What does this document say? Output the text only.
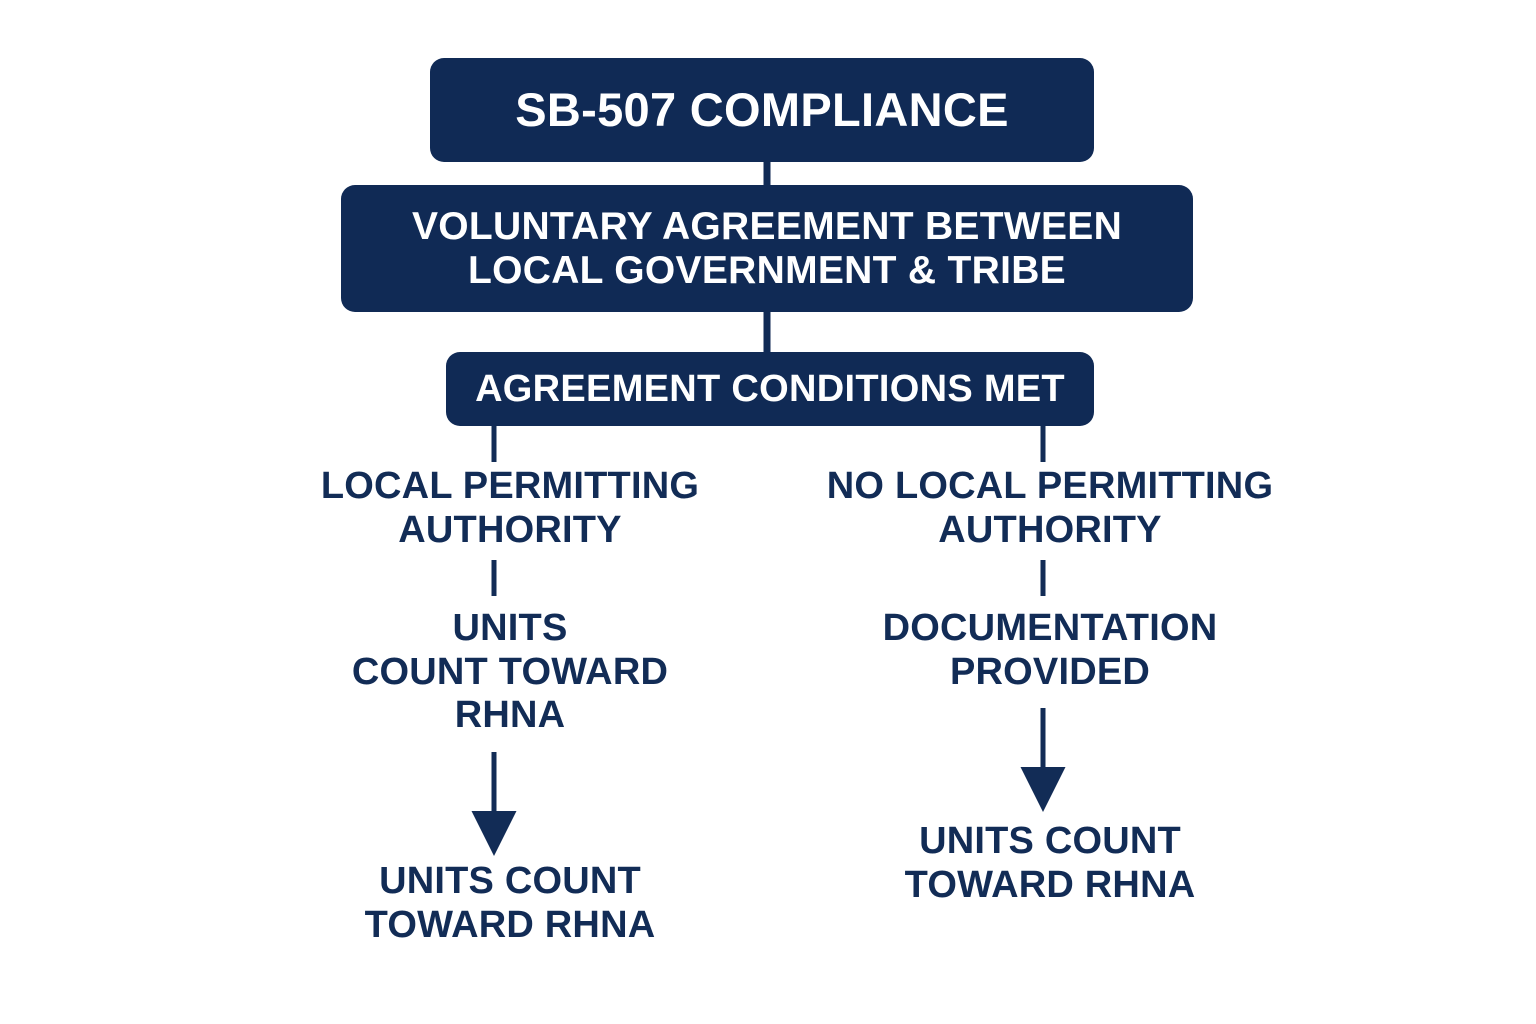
SB-507 COMPLIANCE
VOLUNTARY AGREEMENT BETWEEN
LOCAL GOVERNMENT & TRIBE
AGREEMENT CONDITIONS MET
LOCAL PERMITTING
AUTHORITY
UNITS
COUNT TOWARD
RHNA
UNITS COUNT
TOWARD RHNA
NO LOCAL PERMITTING
AUTHORITY
DOCUMENTATION
PROVIDED
UNITS COUNT
TOWARD RHNA
